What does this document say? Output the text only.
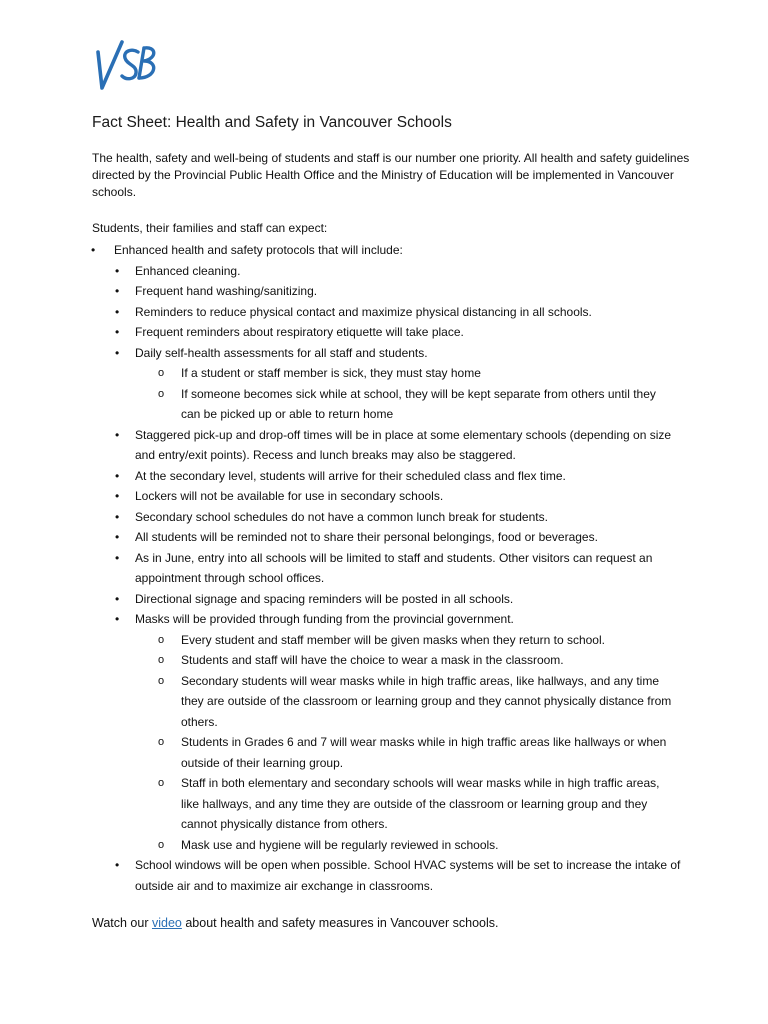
Fact Sheet: Health and Safety in Vancouver Schools

The health, safety and well-being of students and staff is our number one priority. All health and safety guidelines directed by the Provincial Public Health Office and the Ministry of Education will be implemented in Vancouver schools.

Students, their families and staff can expect:

• Enhanced health and safety protocols that will include:
• Enhanced cleaning.
• Frequent hand washing/sanitizing.
• Reminders to reduce physical contact and maximize physical distancing in all schools.
• Frequent reminders about respiratory etiquette will take place.
• Daily self-health assessments for all staff and students.
o If a student or staff member is sick, they must stay home
o If someone becomes sick while at school, they will be kept separate from others until they can be picked up or able to return home
• Staggered pick-up and drop-off times will be in place at some elementary schools (depending on size and entry/exit points). Recess and lunch breaks may also be staggered.
• At the secondary level, students will arrive for their scheduled class and flex time.
• Lockers will not be available for use in secondary schools.
• Secondary school schedules do not have a common lunch break for students.
• All students will be reminded not to share their personal belongings, food or beverages.
• As in June, entry into all schools will be limited to staff and students. Other visitors can request an appointment through school offices.
• Directional signage and spacing reminders will be posted in all schools.
• Masks will be provided through funding from the provincial government.
o Every student and staff member will be given masks when they return to school.
o Students and staff will have the choice to wear a mask in the classroom.
o Secondary students will wear masks while in high traffic areas, like hallways, and any time they are outside of the classroom or learning group and they cannot physically distance from others.
o Students in Grades 6 and 7 will wear masks while in high traffic areas like hallways or when outside of their learning group.
o Staff in both elementary and secondary schools will wear masks while in high traffic areas, like hallways, and any time they are outside of the classroom or learning group and they cannot physically distance from others.
o Mask use and hygiene will be regularly reviewed in schools.
• School windows will be open when possible. School HVAC systems will be set to increase the intake of outside air and to maximize air exchange in classrooms.

Watch our video about health and safety measures in Vancouver schools.
